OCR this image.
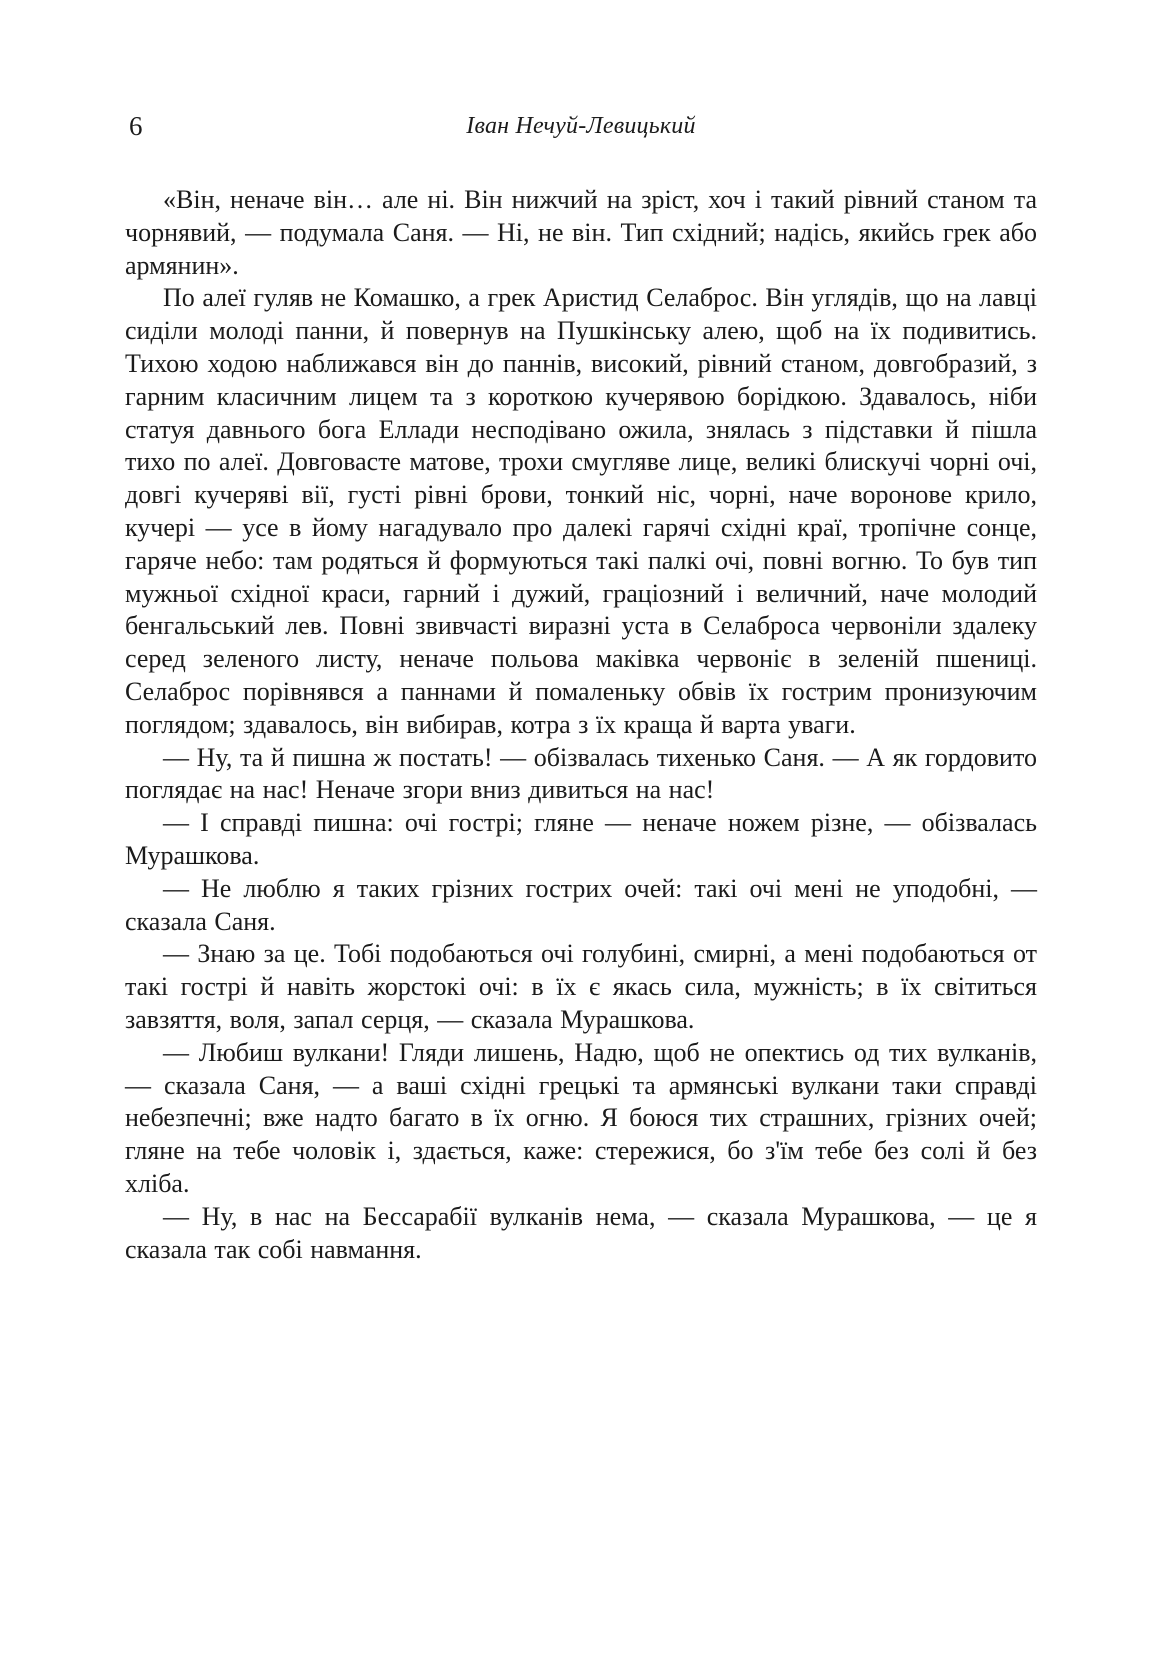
6	Іван Нечуй-Левицький

«Він, неначе він… але ні. Він нижчий на зріст, хоч і такий рівний станом та чорнявий, — подумала Саня. — Ні, не він. Тип східний; надісь, якийсь грек або армянин».

По алеї гуляв не Комашко, а грек Аристид Селаброс. Він углядів, що на лавці сиділи молоді панни, й повернув на Пушкінську алею, щоб на їх подивитись. Тихою ходою наближався він до паннів, високий, рівний станом, довгобразий, з гарним класичним лицем та з короткою кучерявою борідкою. Здавалось, ніби статуя давнього бога Еллади несподівано ожила, знялась з підставки й пішла тихо по алеї. Довговасте матове, трохи смугляве лице, великі блискучі чорні очі, довгі кучеряві вії, густі рівні брови, тонкий ніс, чорні, наче воронове крило, кучері — усе в йому нагадувало про далекі гарячі східні краї, тропічне сонце, гаряче небо: там родяться й формуються такі палкі очі, повні вогню. То був тип мужньої східної краси, гарний і дужий, граціозний і величний, наче молодий бенгальський лев. Повні звивчасті виразні уста в Селаброса червоніли здалеку серед зеленого листу, неначе польова маківка червоніє в зеленій пшениці. Селаброс порівнявся а паннами й помаленьку обвів їх гострим пронизуючим поглядом; здавалось, він вибирав, котра з їх краща й варта уваги.

— Ну, та й пишна ж постать! — обізвалась тихенько Саня. — А як гордовито поглядає на нас! Неначе згори вниз дивиться на нас!

— І справді пишна: очі гострі; гляне — неначе ножем різне, — обізвалась Мурашкова.

— Не люблю я таких грізних гострих очей: такі очі мені не уподобні, — сказала Саня.

— Знаю за це. Тобі подобаються очі голубині, смирні, а мені подобаються от такі гострі й навіть жорстокі очі: в їх є якась сила, мужність; в їх світиться завзяття, воля, запал серця, — сказала Мурашкова.

— Любиш вулкани! Гляди лишень, Надю, щоб не опектись од тих вулканів, — сказала Саня, — а ваші східні грецькі та армянські вулкани таки справді небезпечні; вже надто багато в їх огню. Я боюся тих страшних, грізних очей; гляне на тебе чоловік і, здається, каже: стережися, бо з'їм тебе без солі й без хліба.

— Ну, в нас на Бессарабії вулканів нема, — сказала Мурашкова, — це я сказала так собі навмання.
